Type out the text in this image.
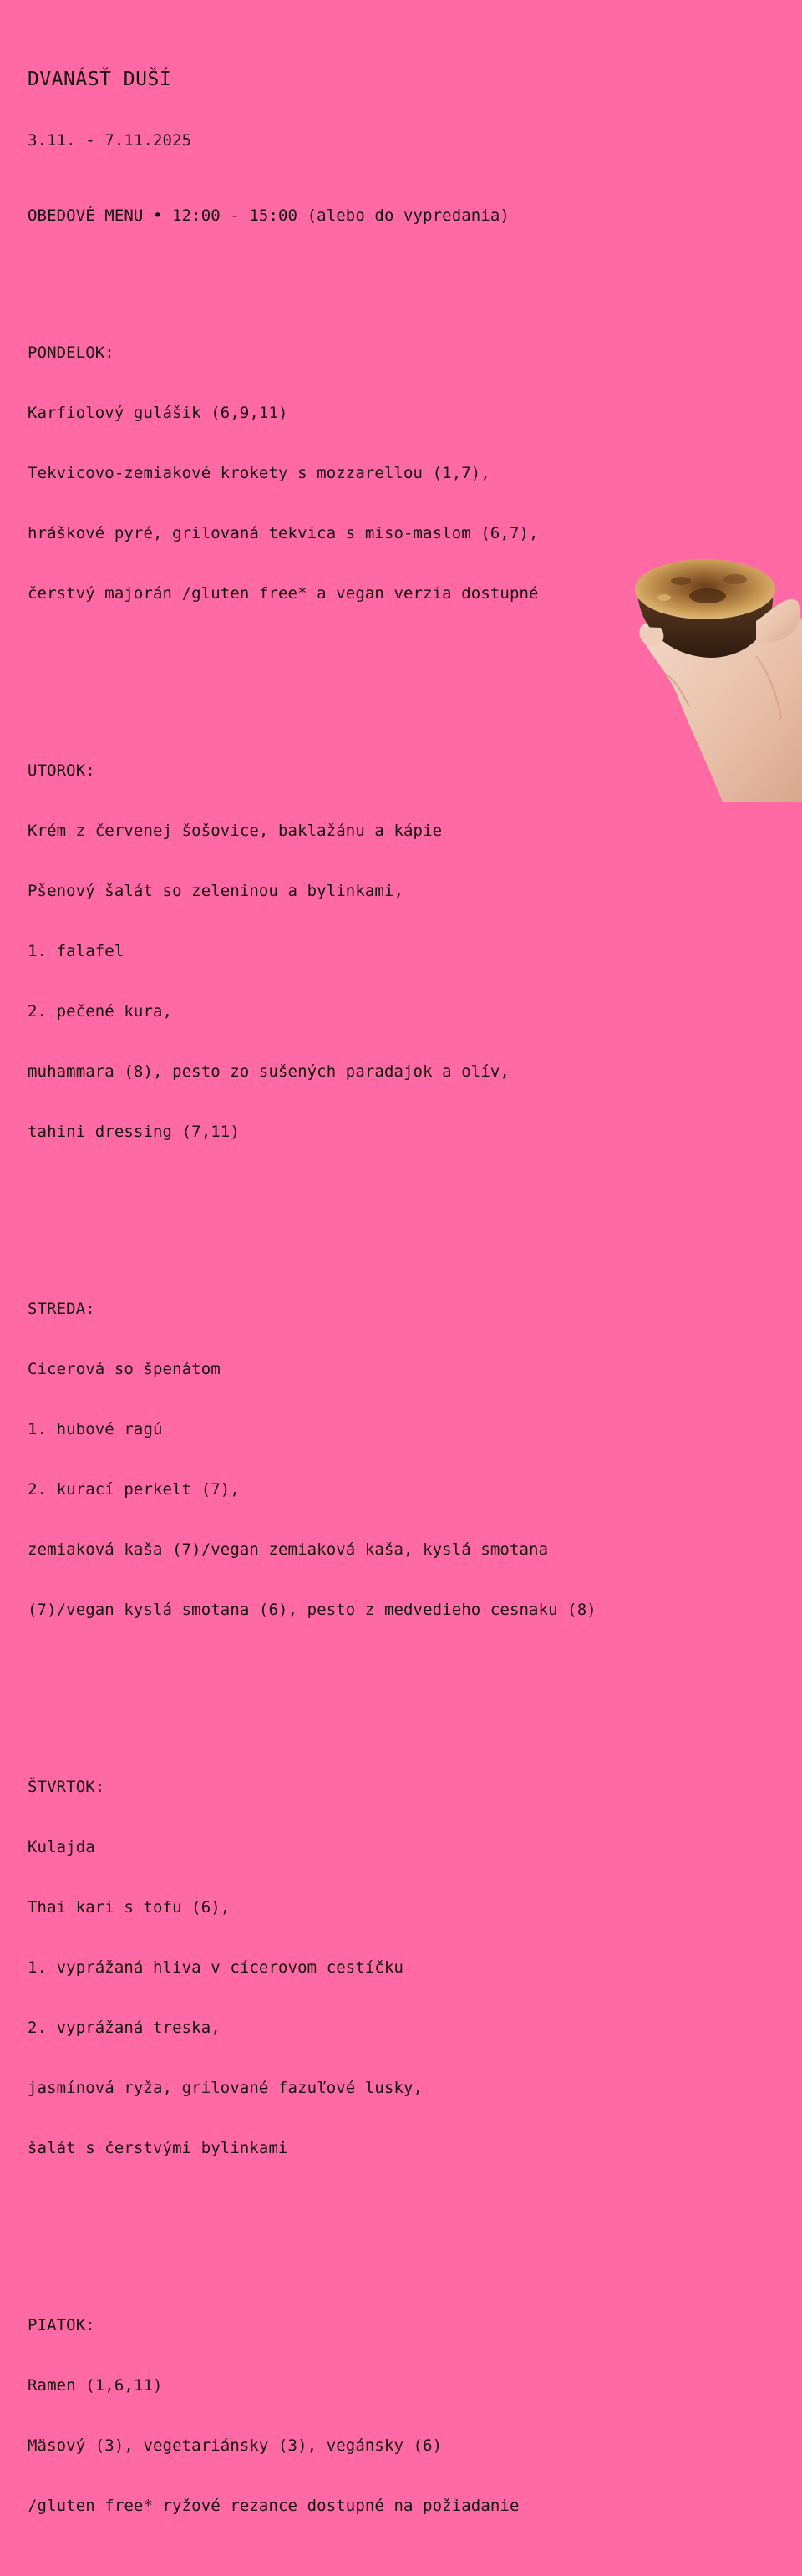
DVANÁSŤ DUŠÍ

3.11. - 7.11.2025

OBEDOVÉ MENU • 12:00 - 15:00 (alebo do vypredania)

PONDELOK:

Karfiolový gulášik (6,9,11)

Tekvicovo-zemiakové krokety s mozzarellou (1,7),

hráškové pyré, grilovaná tekvica s miso-maslom (6,7),

čerstvý majorán /gluten free* a vegan verzia dostupné

UTOROK:

Krém z červenej šošovice, baklažánu a kápie

Pšenový šalát so zeleninou a bylinkami,

1. falafel

2. pečené kura,

muhammara (8), pesto zo sušených paradajok a olív,

tahini dressing (7,11)

STREDA:

Cícerová so špenátom

1. hubové ragú

2. kurací perkelt (7),

zemiaková kaša (7)/vegan zemiaková kaša, kyslá smotana

(7)/vegan kyslá smotana (6), pesto z medvedieho cesnaku (8)

ŠTVRTOK:

Kulajda

Thai kari s tofu (6),

1. vyprážaná hliva v cícerovom cestíčku

2. vyprážaná treska,

jasmínová ryža, grilované fazuľové lusky,

šalát s čerstvými bylinkami

PIATOK:

Ramen (1,6,11)

Mäsový (3), vegetariánsky (3), vegánsky (6)

/gluten free* ryžové rezance dostupné na požiadanie
